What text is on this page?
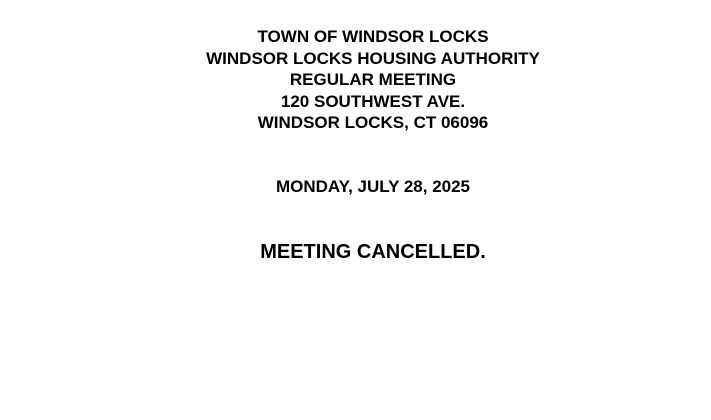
TOWN OF WINDSOR LOCKS
WINDSOR LOCKS HOUSING AUTHORITY
REGULAR MEETING
120 SOUTHWEST AVE.
WINDSOR LOCKS, CT 06096
MONDAY, JULY 28, 2025
MEETING CANCELLED.
